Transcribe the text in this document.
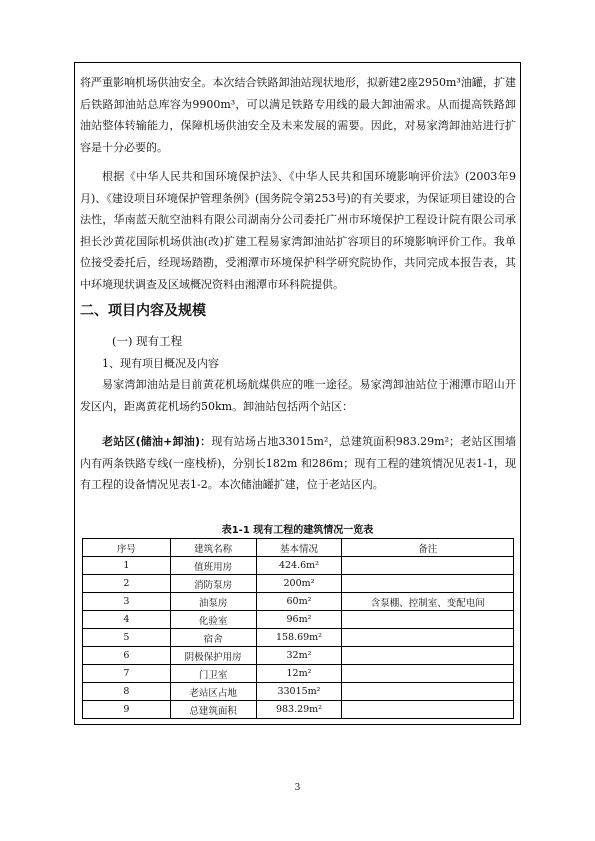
将严重影响机场供油安全。本次结合铁路卸油站现状地形，拟新建2座2950m³油罐，扩建后铁路卸油站总库容为9900m³，可以满足铁路专用线的最大卸油需求。从而提高铁路卸油站整体转输能力，保障机场供油安全及未来发展的需要。因此，对易家湾卸油站进行扩容是十分必要的。

根据《中华人民共和国环境保护法》、《中华人民共和国环境影响评价法》(2003年9月)、《建设项目环境保护管理条例》(国务院令第253号)的有关要求，为保证项目建设的合法性，华南蓝天航空油料有限公司湖南分公司委托广州市环境保护工程设计院有限公司承担长沙黄花国际机场供油(改)扩建工程易家湾卸油站扩容项目的环境影响评价工作。我单位接受委托后，经现场踏勘，受湘潭市环境保护科学研究院协作，共同完成本报告表，其中环境现状调查及区域概况资料由湘潭市环科院提供。

二、项目内容及规模

(一) 现有工程

1、现有项目概况及内容

易家湾卸油站是目前黄花机场航煤供应的唯一途径。易家湾卸油站位于湘潭市昭山开发区内，距离黄花机场约50km。卸油站包括两个站区：

老站区(储油+卸油)：现有站场占地33015m²，总建筑面积983.29m²；老站区围墙内有两条铁路专线(一座栈桥)，分别长182m 和286m；现有工程的建筑情况见表1-1，现有工程的设备情况见表1-2。本次储油罐扩建，位于老站区内。

表1-1 现有工程的建筑情况一览表
序号	建筑名称	基本情况	备注
1	值班用房	424.6m²	
2	消防泵房	200m²	
3	油泵房	60m²	含泵棚、控制室、变配电间
4	化验室	96m²	
5	宿舍	158.69m²	
6	阴极保护用房	32m²	
7	门卫室	12m²	
8	老站区占地	33015m²	
9	总建筑面积	983.29m²	
3
